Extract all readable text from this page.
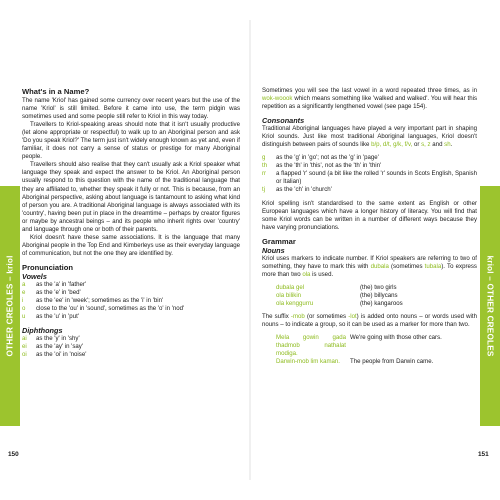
What's in a Name?

The name 'Kriol' has gained some currency over recent years but the use of the name 'Kriol' is still limited. Before it came into use, the term pidgin was sometimes used and some people still refer to Kriol in this way today.

Travellers to Kriol-speaking areas should note that it isn't usually productive (let alone appropriate or respectful) to walk up to an Aboriginal person and ask 'Do you speak Kriol?' The term just isn't widely enough known as yet and, even if familiar, it does not carry a sense of status or prestige for many Aboriginal people.

Travellers should also realise that they can't usually ask a Kriol speaker what language they speak and expect the answer to be Kriol. An Aboriginal person usually respond to this question with the name of the traditional language that they are affiliated to, whether they speak it fully or not. This is because, from an Aboriginal perspective, asking about language is tantamount to asking what kind of person you are. A traditional Aboriginal language is always associated with its 'country', having been put in place in the dreamtime – perhaps by creator figures or maybe by ancestral beings – and its people who inherit rights over 'country' and language through one or both of their parents.

Kriol doesn't have these same associations. It is the language that many Aboriginal people in the Top End and Kimberleys use as their everyday language of communication, but not the one they are identified by.

Pronunciation
Vowels
a	as the 'a' in 'father'
e	as the 'e' in 'bed'
i	as the 'ee' in 'week'; sometimes as the 'i' in 'bin'
o	close to the 'ou' in 'sound', sometimes as the 'o' in 'nod'
u	as the 'u' in 'put'
Diphthongs
ai	as the 'y' in 'shy'
ei	as the 'ay' in 'say'
oi	as the 'oi' in 'noise'

Sometimes you will see the last vowel in a word repeated three times, as in wok-woook which means something like 'walked and walked'. You will hear this repetition as a significantly lengthened vowel (see page 154).

Consonants

Traditional Aboriginal languages have played a very important part in shaping Kriol sounds. Just like most traditional Aboriginal languages, Kriol doesn't distinguish between pairs of sounds like b/p, d/t, g/k, f/v, or s, z and sh.

g	as the 'g' in 'go'; not as the 'g' in 'page'
th	as the 'th' in 'this', not as the 'th' in 'thin'
rr	a flapped 'r' sound (a bit like the rolled 'r' sounds in Scots English, Spanish or Italian)
tj	as the 'ch' in 'church'

Kriol spelling isn't standardised to the same extent as English or other European languages which have a longer history of literacy. You will find that some Kriol words can be written in a number of different ways because they have varying pronunciations.

Grammar
Nouns

Kriol uses markers to indicate number. If Kriol speakers are referring to two of something, they have to mark this with dubala (sometimes tubala). To express more than two ola is used.

dubala gel	(the) two girls
ola bilikin	(the) billycans
ola kenggurru	(the) kangaroos

The suffix -mob (or sometimes -lot) is added onto nouns – or words used with nouns – to indicate a group, so it can be used as a marker for more than two.

Mela gowin gada thadmob nathalat modiga.
We're going with those other cars.
Darwin-mob lim kaman.	The people from Darwin came.
OTHER CREOLES – kriol	kriol – OTHER CREOLES
150	151
